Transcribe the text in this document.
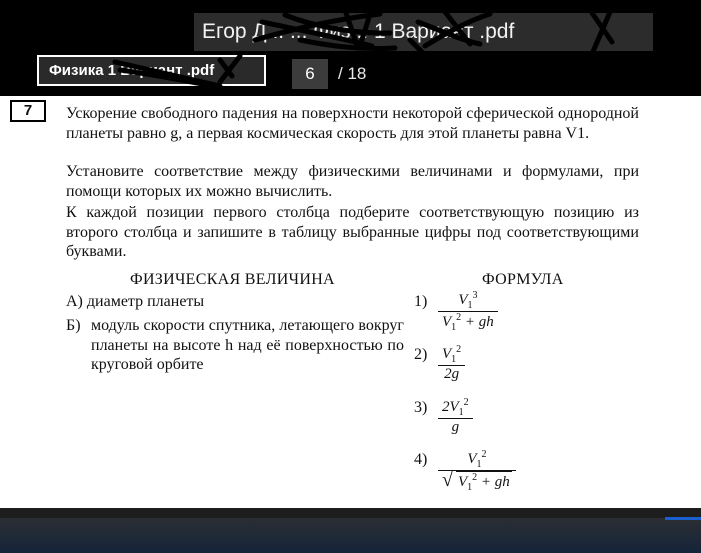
Егор Д... ... Физ... 1 Вариант .pdf
Физика 1 Вариант .pdf	6	/ 18
7	Ускорение свободного падения на поверхности некоторой сферической однородной планеты равно g, а первая космическая скорость для этой планеты равна V1.
Установите соответствие между физическими величинами и формулами, при помощи которых их можно вычислить.
К каждой позиции первого столбца подберите соответствующую позицию из второго столбца и запишите в таблицу выбранные цифры под соответствующими буквами.
ФИЗИЧЕСКАЯ ВЕЛИЧИНА	ФОРМУЛА
А) диаметр планеты
Б) модуль скорости спутника, летающего вокруг планеты на высоте h над её поверхностью по круговой орбите
1)	$V_1^3$
$V_1^2$ + gh
2) $V_1^2$
2g
3) $2V_1^2$
g
4)	$V_1^2$
√ $V_1^2$ + gh
